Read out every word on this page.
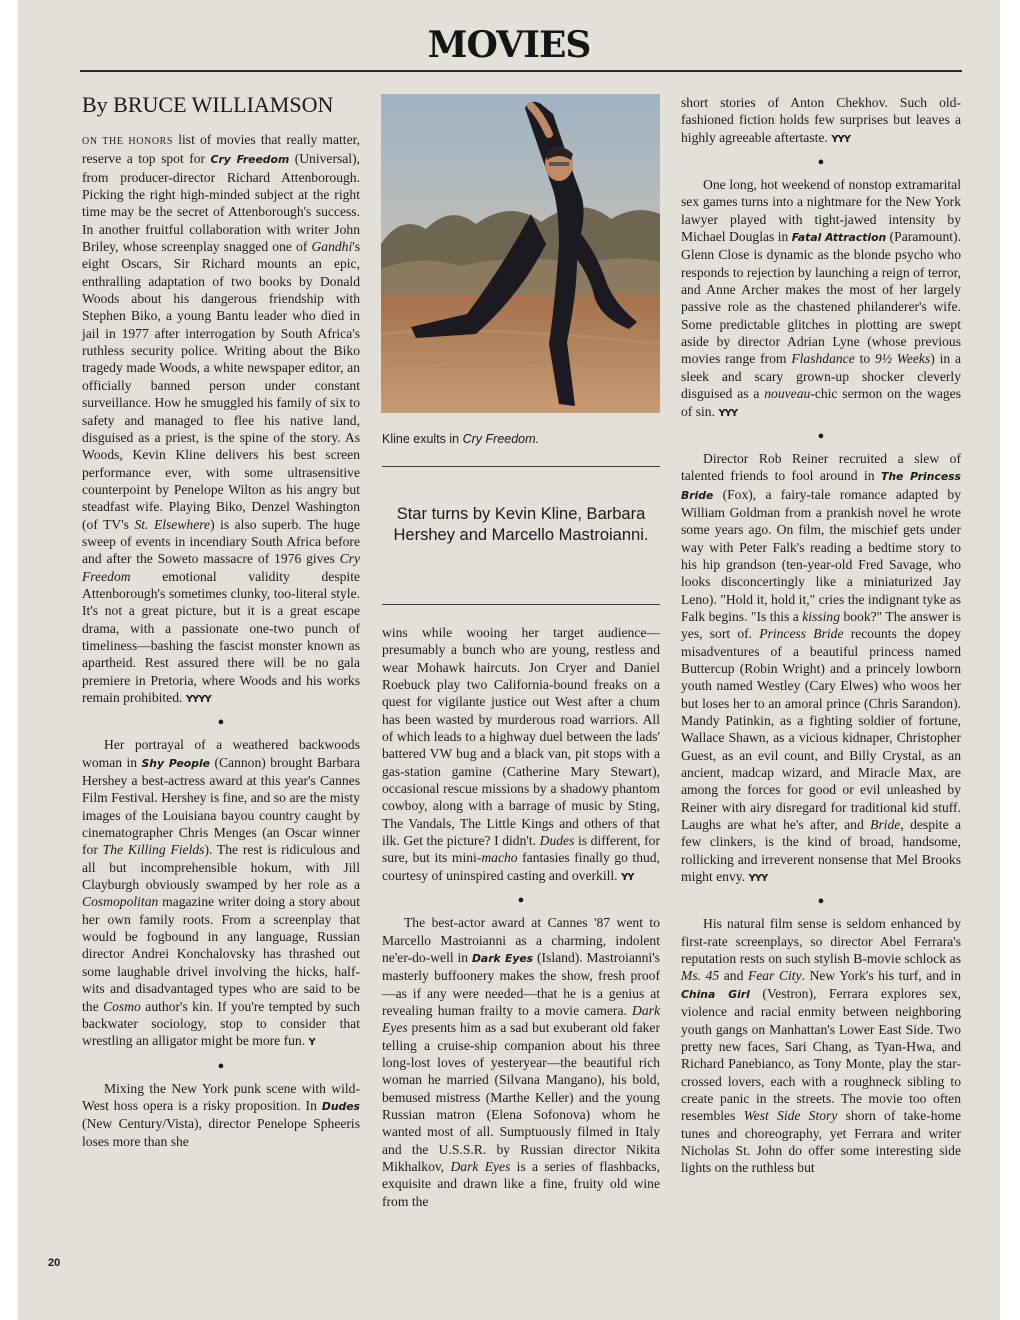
MOVIES
By BRUCE WILLIAMSON

ON THE HONORS list of movies that really matter, reserve a top spot for Cry Freedom (Universal), from producer-director Richard Attenborough. Picking the right high-minded subject at the right time may be the secret of Attenborough's success. In another fruitful collaboration with writer John Briley, whose screenplay snagged one of Gandhi's eight Oscars, Sir Richard mounts an epic, enthralling adaptation of two books by Donald Woods about his dangerous friendship with Stephen Biko, a young Bantu leader who died in jail in 1977 after interrogation by South Africa's ruthless security police. Writing about the Biko tragedy made Woods, a white newspaper editor, an officially banned person under constant surveillance. How he smuggled his family of six to safety and managed to flee his native land, disguised as a priest, is the spine of the story. As Woods, Kevin Kline delivers his best screen performance ever, with some ultrasensitive counterpoint by Penelope Wilton as his angry but steadfast wife. Playing Biko, Denzel Washington (of TV's St. Elsewhere) is also superb. The huge sweep of events in incendiary South Africa before and after the Soweto massacre of 1976 gives Cry Freedom emotional validity despite Attenborough's sometimes clunky, too-literal style. It's not a great picture, but it is a great escape drama, with a passionate one-two punch of timeliness—bashing the fascist monster known as apartheid. Rest assured there will be no gala premiere in Pretoria, where Woods and his works remain prohibited. YYYY

●

Her portrayal of a weathered backwoods woman in Shy People (Cannon) brought Barbara Hershey a best-actress award at this year's Cannes Film Festival. Hershey is fine, and so are the misty images of the Louisiana bayou country caught by cinematographer Chris Menges (an Oscar winner for The Killing Fields). The rest is ridiculous and all but incomprehensible hokum, with Jill Clayburgh obviously swamped by her role as a Cosmopolitan magazine writer doing a story about her own family roots. From a screenplay that would be fogbound in any language, Russian director Andrei Konchalovsky has thrashed out some laughable drivel involving the hicks, half-wits and disadvantaged types who are said to be the Cosmo author's kin. If you're tempted by such backwater sociology, stop to consider that wrestling an alligator might be more fun. Y

●

Mixing the New York punk scene with wild-West hoss opera is a risky proposition. In Dudes (New Century/Vista), director Penelope Spheeris loses more than she

Kline exults in Cry Freedom.
Star turns by Kevin Kline, Barbara Hershey and Marcello Mastroianni.

wins while wooing her target audience—presumably a bunch who are young, restless and wear Mohawk haircuts. Jon Cryer and Daniel Roebuck play two California-bound freaks on a quest for vigilante justice out West after a chum has been wasted by murderous road warriors. All of which leads to a highway duel between the lads' battered VW bug and a black van, pit stops with a gas-station gamine (Catherine Mary Stewart), occasional rescue missions by a shadowy phantom cowboy, along with a barrage of music by Sting, The Vandals, The Little Kings and others of that ilk. Get the picture? I didn't. Dudes is different, for sure, but its mini-macho fantasies finally go thud, courtesy of uninspired casting and overkill. YY

●

The best-actor award at Cannes '87 went to Marcello Mastroianni as a charming, indolent ne'er-do-well in Dark Eyes (Island). Mastroianni's masterly buffoonery makes the show, fresh proof—as if any were needed—that he is a genius at revealing human frailty to a movie camera. Dark Eyes presents him as a sad but exuberant old faker telling a cruise-ship companion about his three long-lost loves of yesteryear—the beautiful rich woman he married (Silvana Mangano), his bold, bemused mistress (Marthe Keller) and the young Russian matron (Elena Sofonova) whom he wanted most of all. Sumptuously filmed in Italy and the U.S.S.R. by Russian director Nikita Mikhalkov, Dark Eyes is a series of flashbacks, exquisite and drawn like a fine, fruity old wine from the

short stories of Anton Chekhov. Such old-fashioned fiction holds few surprises but leaves a highly agreeable aftertaste. YYY

●

One long, hot weekend of nonstop extramarital sex games turns into a nightmare for the New York lawyer played with tight-jawed intensity by Michael Douglas in Fatal Attraction (Paramount). Glenn Close is dynamic as the blonde psycho who responds to rejection by launching a reign of terror, and Anne Archer makes the most of her largely passive role as the chastened philanderer's wife. Some predictable glitches in plotting are swept aside by director Adrian Lyne (whose previous movies range from Flashdance to 9½ Weeks) in a sleek and scary grown-up shocker cleverly disguised as a nouveau-chic sermon on the wages of sin. YYY

●

Director Rob Reiner recruited a slew of talented friends to fool around in The Princess Bride (Fox), a fairy-tale romance adapted by William Goldman from a prankish novel he wrote some years ago. On film, the mischief gets under way with Peter Falk's reading a bedtime story to his hip grandson (ten-year-old Fred Savage, who looks disconcertingly like a miniaturized Jay Leno). "Hold it, hold it," cries the indignant tyke as Falk begins. "Is this a kissing book?" The answer is yes, sort of. Princess Bride recounts the dopey misadventures of a beautiful princess named Buttercup (Robin Wright) and a princely lowborn youth named Westley (Cary Elwes) who woos her but loses her to an amoral prince (Chris Sarandon). Mandy Patinkin, as a fighting soldier of fortune, Wallace Shawn, as a vicious kidnaper, Christopher Guest, as an evil count, and Billy Crystal, as an ancient, madcap wizard, and Miracle Max, are among the forces for good or evil unleashed by Reiner with airy disregard for traditional kid stuff. Laughs are what he's after, and Bride, despite a few clinkers, is the kind of broad, handsome, rollicking and irreverent nonsense that Mel Brooks might envy. YYY

●

His natural film sense is seldom enhanced by first-rate screenplays, so director Abel Ferrara's reputation rests on such stylish B-movie schlock as Ms. 45 and Fear City. New York's his turf, and in China Girl (Vestron), Ferrara explores sex, violence and racial enmity between neighboring youth gangs on Manhattan's Lower East Side. Two pretty new faces, Sari Chang, as Tyan-Hwa, and Richard Panebianco, as Tony Monte, play the star-crossed lovers, each with a roughneck sibling to create panic in the streets. The movie too often resembles West Side Story shorn of take-home tunes and choreography, yet Ferrara and writer Nicholas St. John do offer some interesting side lights on the ruthless but

20
